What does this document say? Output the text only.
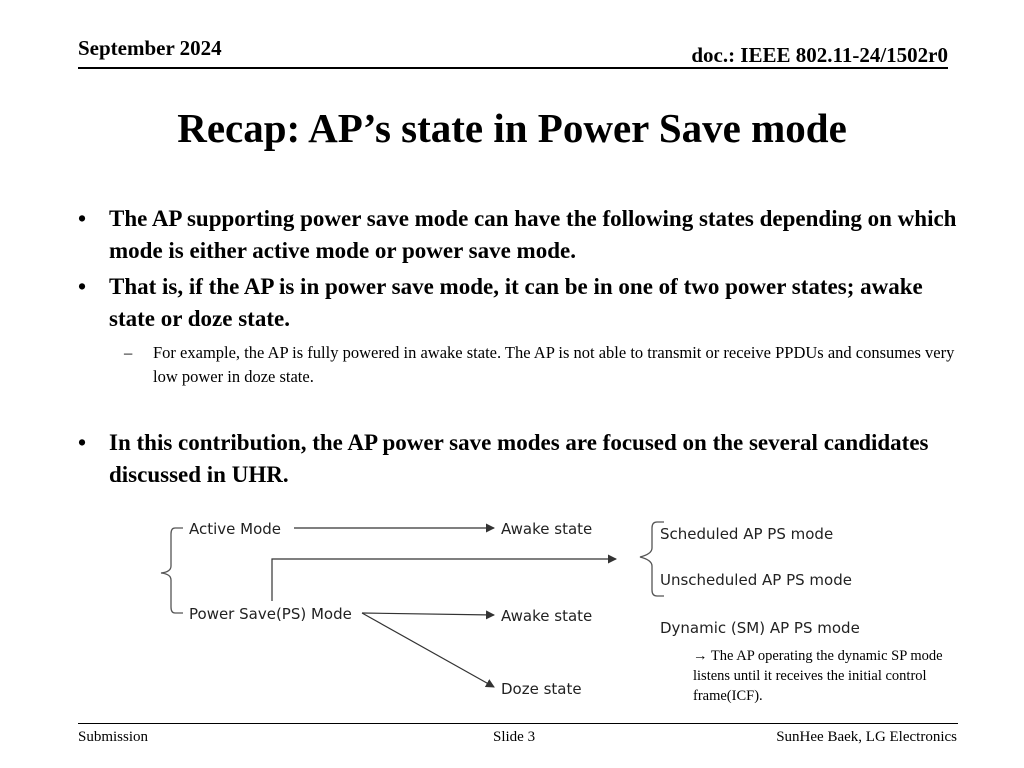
September 2024	doc.: IEEE 802.11-24/1502r0
Recap: AP’s state in Power Save mode
• The AP supporting power save mode can have the following states depending on which mode is either active mode or power save mode.
• That is, if the AP is in power save mode, it can be in one of two power states; awake state or doze state.
– For example, the AP is fully powered in awake state. The AP is not able to transmit or receive PPDUs and consumes very low power in doze state.
• In this contribution, the AP power save modes are focused on the several candidates discussed in UHR.
Active Mode
Power Save(PS) Mode
Awake state
Awake state
Doze state
Scheduled AP PS mode
Unscheduled AP PS mode
Dynamic (SM) AP PS mode
→ The AP operating the dynamic SP mode listens until it receives the initial control frame(ICF).
Submission	Slide 3	SunHee Baek, LG Electronics
